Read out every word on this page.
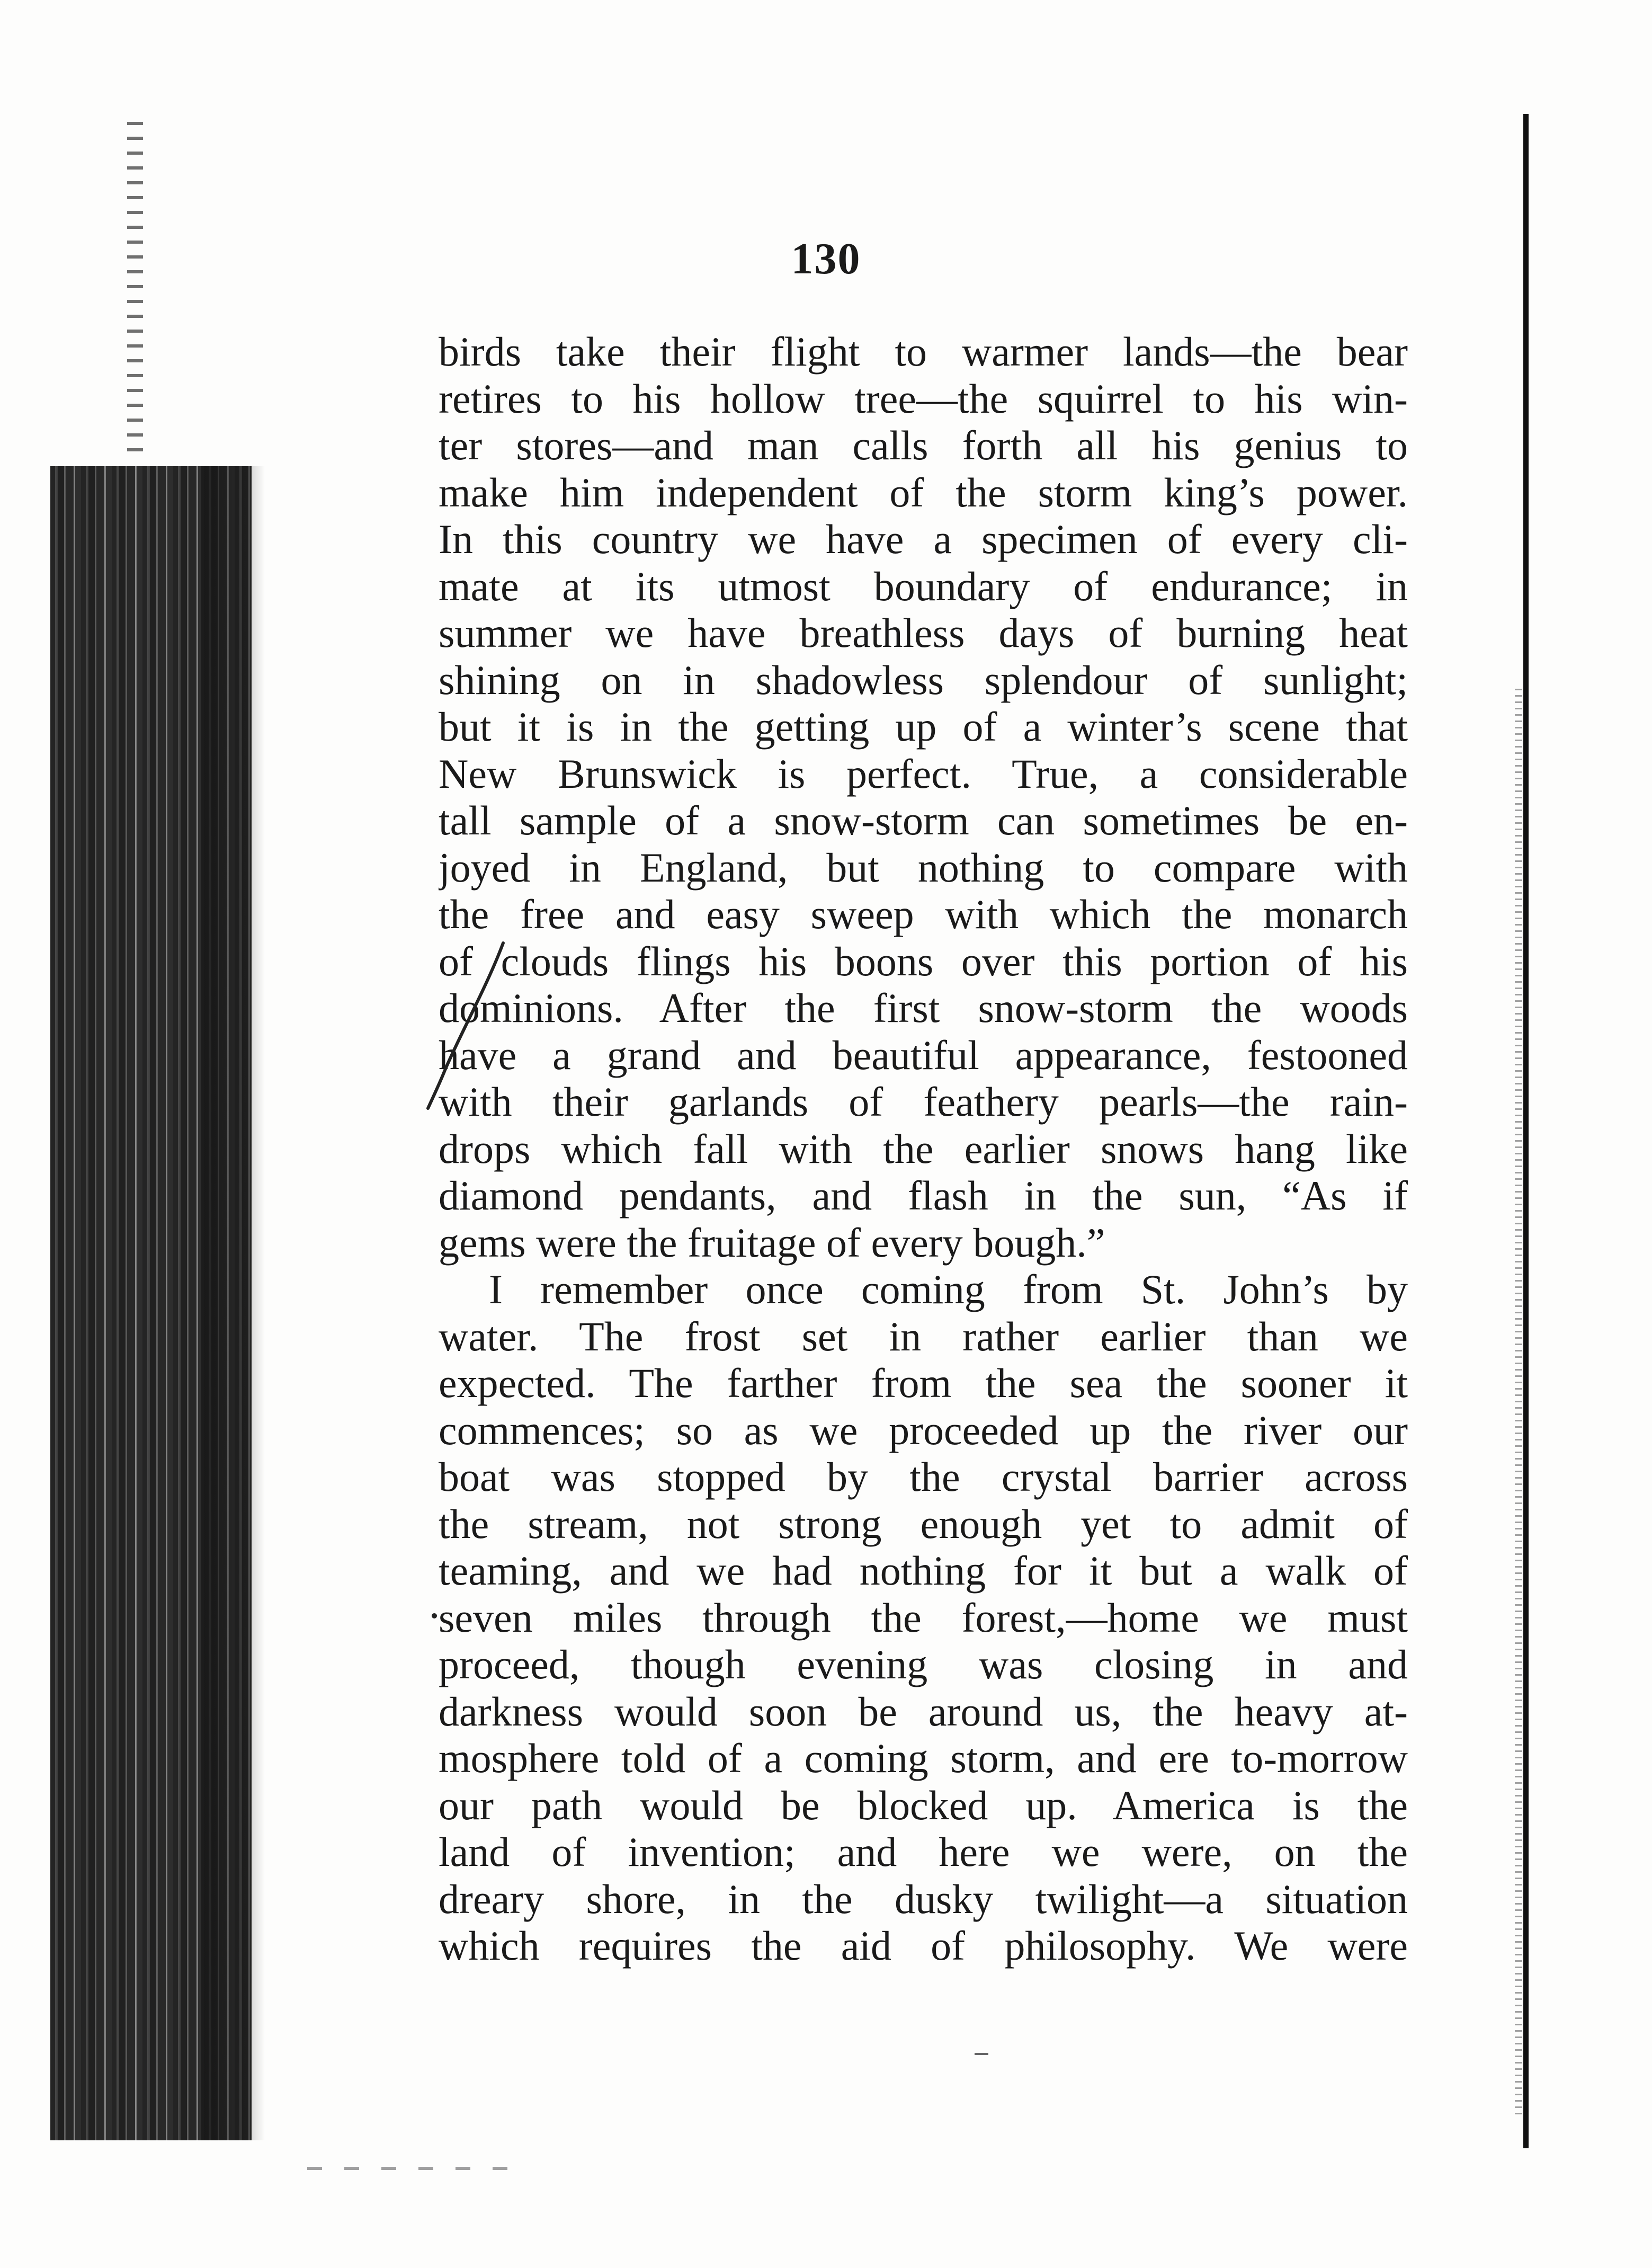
130
birds take their flight to warmer lands—the bear
retires to his hollow tree—the squirrel to his win-
ter stores—and man calls forth all his genius to
make him independent of the storm king’s power.
In this country we have a specimen of every cli-
mate at its utmost boundary of endurance; in
summer we have breathless days of burning heat
shining on in shadowless splendour of sunlight;
but it is in the getting up of a winter’s scene that
New Brunswick is perfect. True, a considerable
tall sample of a snow-storm can sometimes be en-
joyed in England, but nothing to compare with
the free and easy sweep with which the monarch
of clouds flings his boons over this portion of his
dominions. After the first snow-storm the woods
have a grand and beautiful appearance, festooned
with their garlands of feathery pearls—the rain-
drops which fall with the earlier snows hang like
diamond pendants, and flash in the sun, “As if
gems were the fruitage of every bough.”
I remember once coming from St. John’s by
water. The frost set in rather earlier than we
expected. The farther from the sea the sooner it
commences; so as we proceeded up the river our
boat was stopped by the crystal barrier across
the stream, not strong enough yet to admit of
teaming, and we had nothing for it but a walk of
seven miles through the forest,—home we must
proceed, though evening was closing in and
darkness would soon be around us, the heavy at-
mosphere told of a coming storm, and ere to-morrow
our path would be blocked up. America is the
land of invention; and here we were, on the
dreary shore, in the dusky twilight—a situation
which requires the aid of philosophy. We were
